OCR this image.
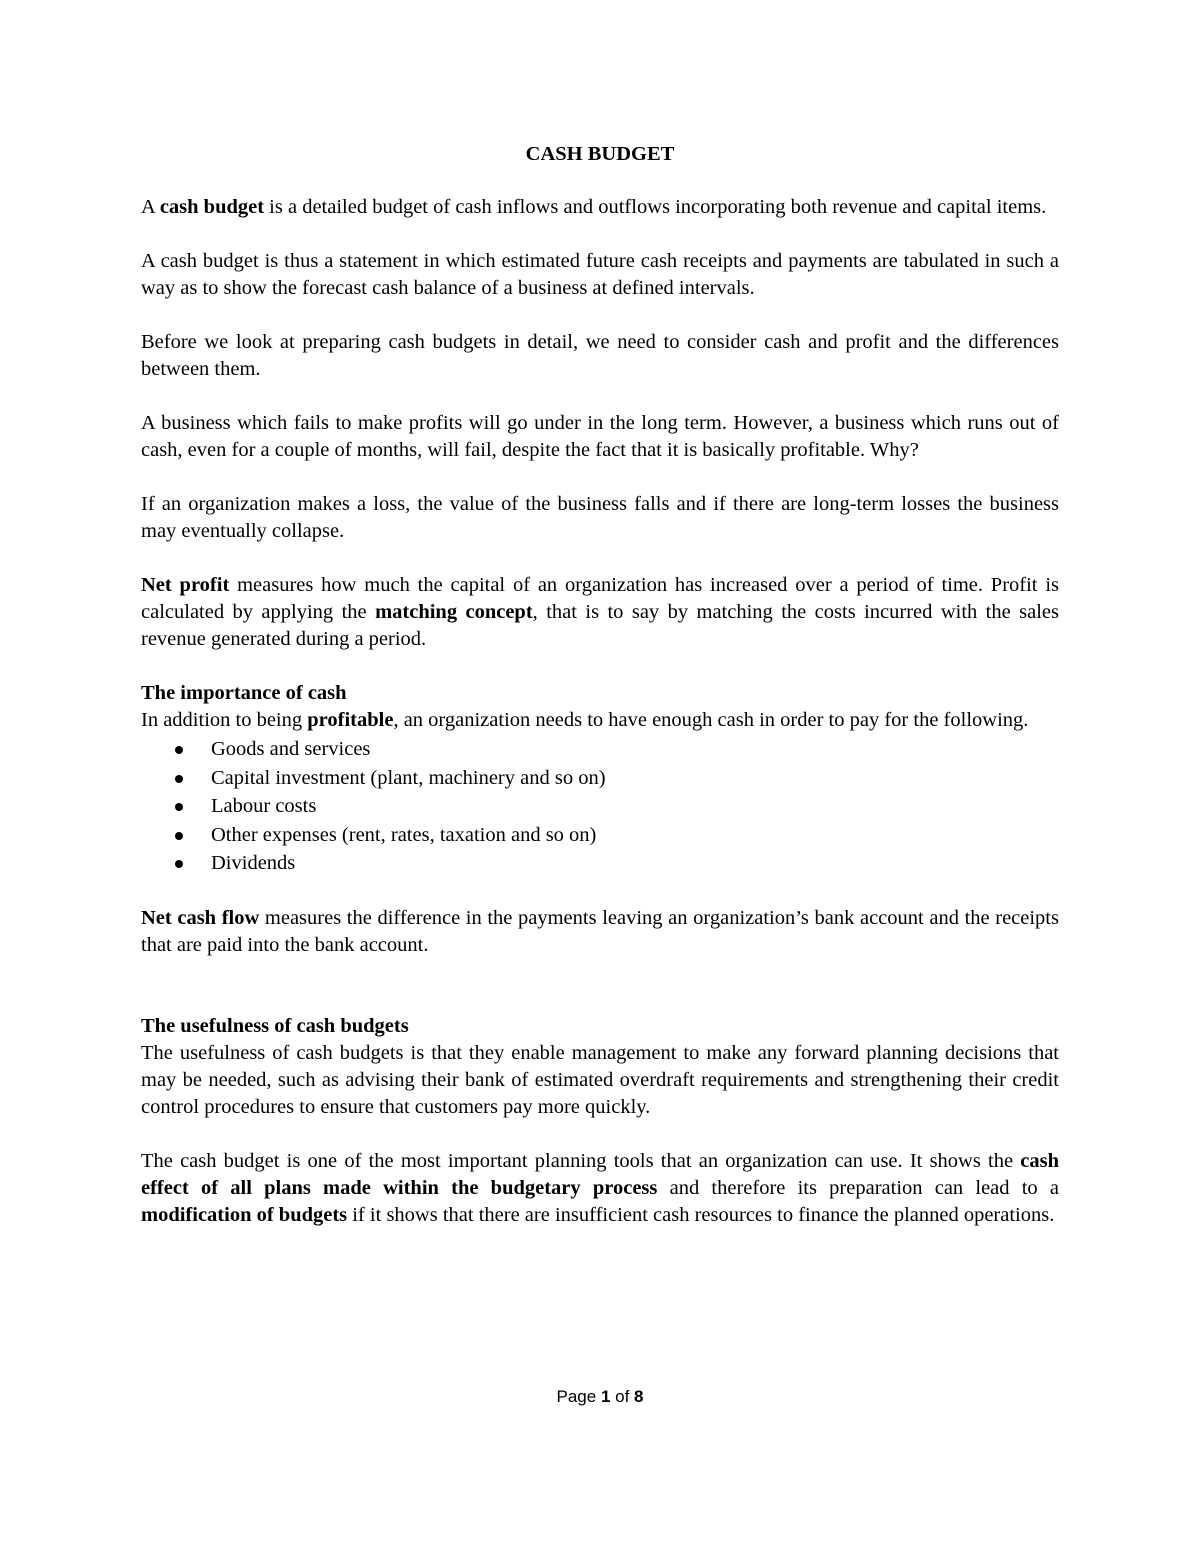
CASH BUDGET

A cash budget is a detailed budget of cash inflows and outflows incorporating both revenue and capital items.

A cash budget is thus a statement in which estimated future cash receipts and payments are tabulated in such a way as to show the forecast cash balance of a business at defined intervals.

Before we look at preparing cash budgets in detail, we need to consider cash and profit and the differences between them.

A business which fails to make profits will go under in the long term. However, a business which runs out of cash, even for a couple of months, will fail, despite the fact that it is basically profitable. Why?

If an organization makes a loss, the value of the business falls and if there are long-term losses the business may eventually collapse.

Net profit measures how much the capital of an organization has increased over a period of time. Profit is calculated by applying the matching concept, that is to say by matching the costs incurred with the sales revenue generated during a period.

The importance of cash

In addition to being profitable, an organization needs to have enough cash in order to pay for the following.

Goods and services
Capital investment (plant, machinery and so on)
Labour costs
Other expenses (rent, rates, taxation and so on)
Dividends

Net cash flow measures the difference in the payments leaving an organization’s bank account and the receipts that are paid into the bank account.

The usefulness of cash budgets

The usefulness of cash budgets is that they enable management to make any forward planning decisions that may be needed, such as advising their bank of estimated overdraft requirements and strengthening their credit control procedures to ensure that customers pay more quickly.

The cash budget is one of the most important planning tools that an organization can use. It shows the cash effect of all plans made within the budgetary process and therefore its preparation can lead to a modification of budgets if it shows that there are insufficient cash resources to finance the planned operations.

Page 1 of 8
